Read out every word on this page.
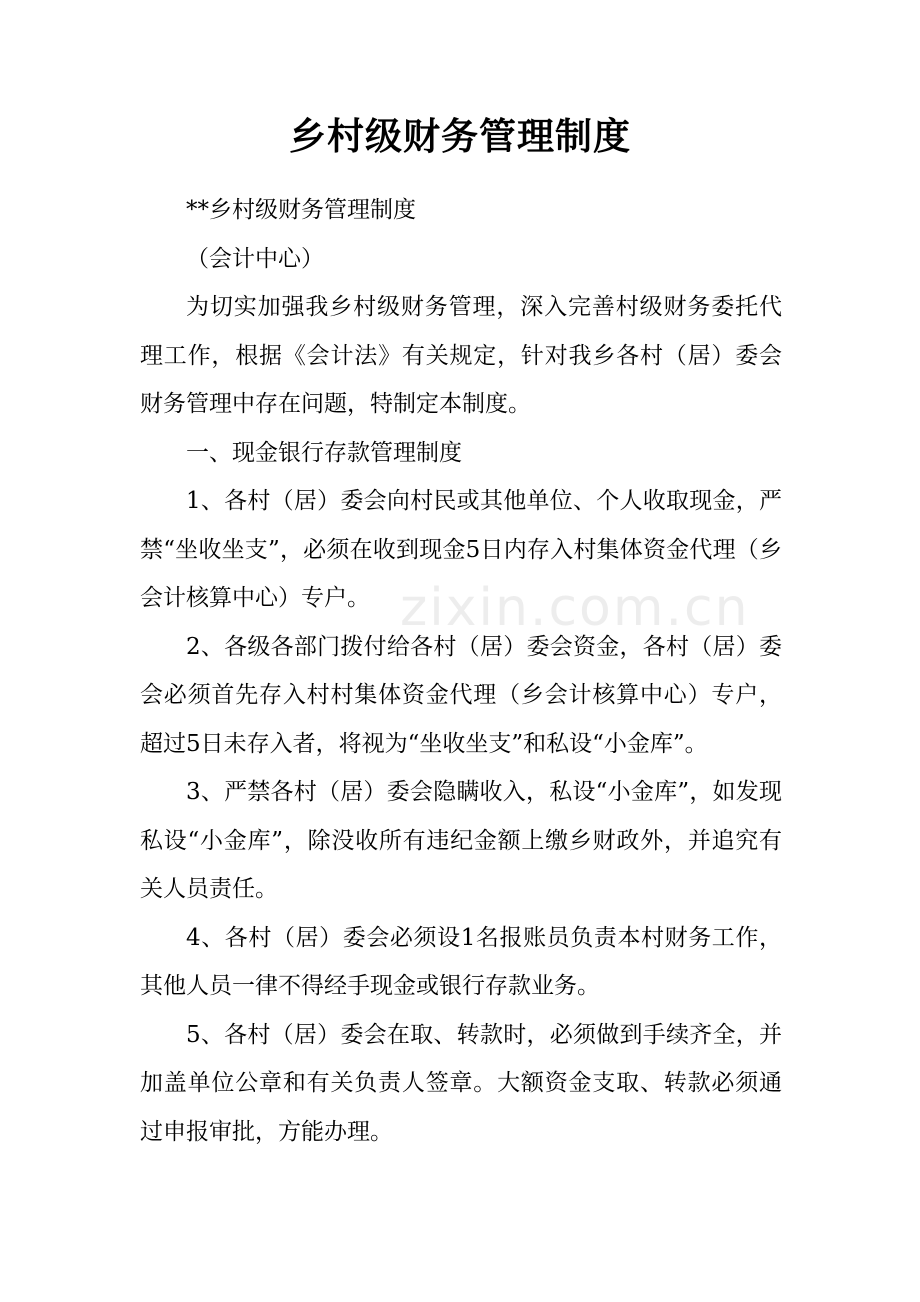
乡村级财务管理制度

**乡村级财务管理制度

（会计中心）

为切实加强我乡村级财务管理，深入完善村级财务委托代理工作，根据《会计法》有关规定，针对我乡各村（居）委会财务管理中存在问题，特制定本制度。

一、现金银行存款管理制度

1、各村（居）委会向村民或其他单位、个人收取现金，严禁“坐收坐支”，必须在收到现金5日内存入村集体资金代理（乡会计核算中心）专户。

2、各级各部门拨付给各村（居）委会资金，各村（居）委会必须首先存入村村集体资金代理（乡会计核算中心）专户，超过5日未存入者，将视为“坐收坐支”和私设“小金库”。

3、严禁各村（居）委会隐瞒收入，私设“小金库”，如发现私设“小金库”，除没收所有违纪金额上缴乡财政外，并追究有关人员责任。

4、各村（居）委会必须设1名报账员负责本村财务工作，其他人员一律不得经手现金或银行存款业务。

5、各村（居）委会在取、转款时，必须做到手续齐全，并加盖单位公章和有关负责人签章。大额资金支取、转款必须通过申报审批，方能办理。

zixin.com.cn
